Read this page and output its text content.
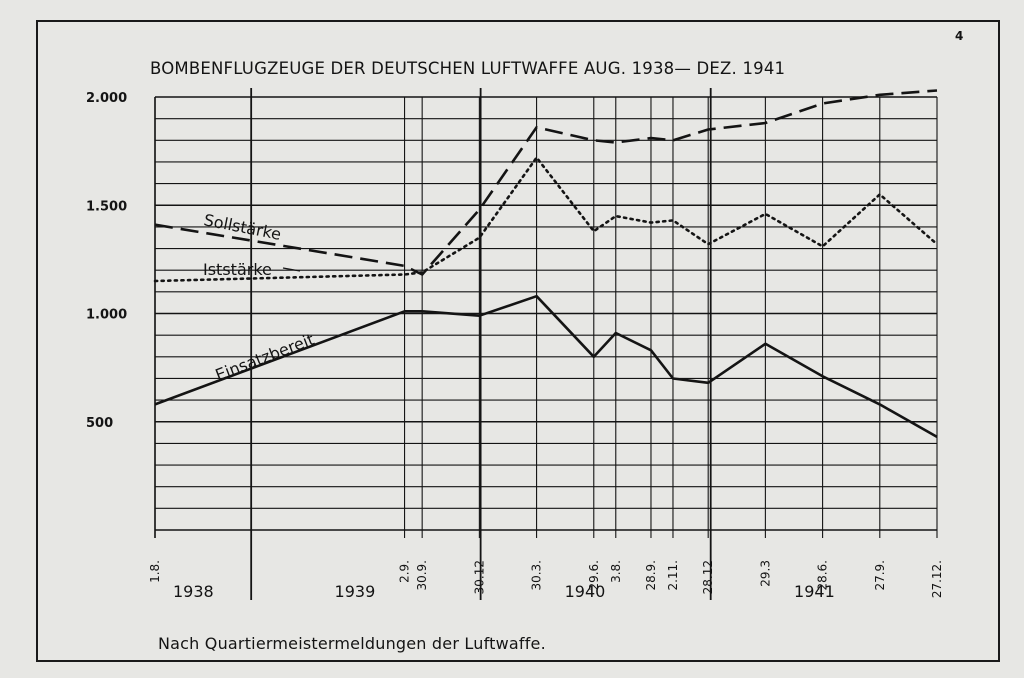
4
BOMBENFLUGZEUGE DER DEUTSCHEN LUFTWAFFE AUG. 1938— DEZ. 1941
Nach Quartiermeistermeldungen der Luftwaffe.
500
1.000
1.500
2.000
1.8.	2.9. 30.9.	30.12	30.3.	29.6. 3.8. 28.9. 2.11. 28.12	29.3	28.6.	27.9.	27.12.
1938	1939	1940	1941
Sollstärke
Iststärke
Einsatzbereit
